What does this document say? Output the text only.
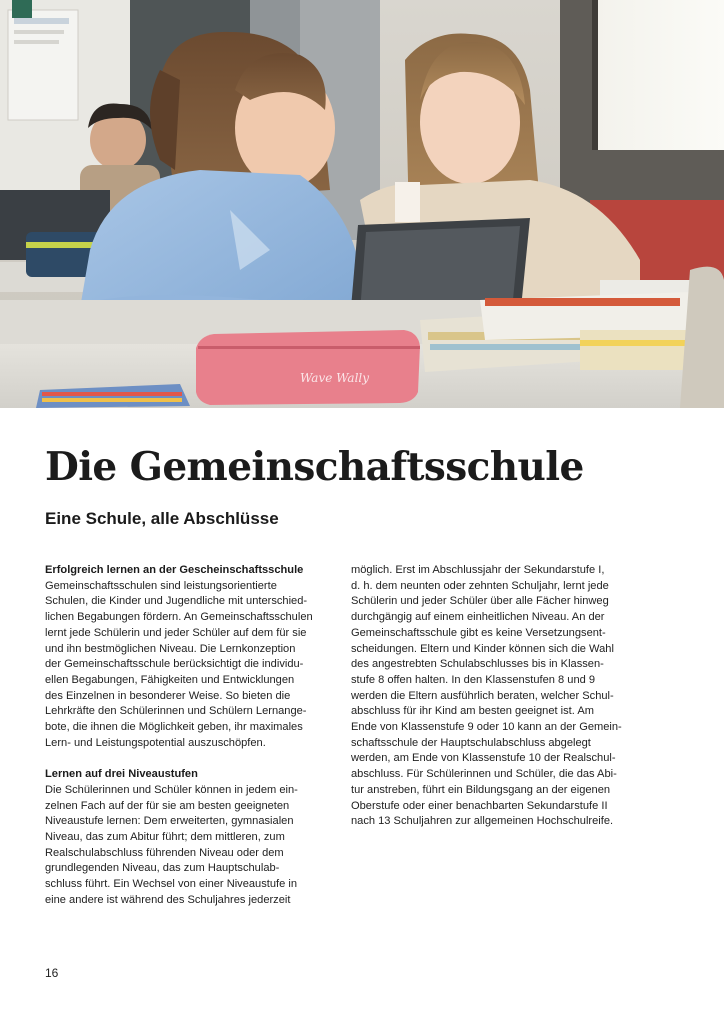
Wave Wally
Die Gemeinschaftsschule
Eine Schule, alle Abschlüsse

Erfolgreich lernen an der Gescheinschaftsschule

Gemeinschaftsschulen sind leistungsorientierte

Schulen, die Kinder und Jugendliche mit unterschied-

lichen Begabungen fördern. An Gemeinschaftsschulen

lernt jede Schülerin und jeder Schüler auf dem für sie

und ihn bestmöglichen Niveau. Die Lernkonzeption

der Gemeinschaftsschule berücksichtigt die individu-

ellen Begabungen, Fähigkeiten und Entwicklungen

des Einzelnen in besonderer Weise. So bieten die

Lehrkräfte den Schülerinnen und Schülern Lernange-

bote, die ihnen die Möglichkeit geben, ihr maximales

Lern- und Leistungspotential auszuschöpfen.

Lernen auf drei Niveaustufen

Die Schülerinnen und Schüler können in jedem ein-

zelnen Fach auf der für sie am besten geeigneten

Niveaustufe lernen: Dem erweiterten, gymnasialen

Niveau, das zum Abitur führt; dem mittleren, zum

Realschulabschluss führenden Niveau oder dem

grundlegenden Niveau, das zum Hauptschulab-

schluss führt. Ein Wechsel von einer Niveaustufe in

eine andere ist während des Schuljahres jederzeit

möglich. Erst im Abschlussjahr der Sekundarstufe I,

d. h. dem neunten oder zehnten Schuljahr, lernt jede

Schülerin und jeder Schüler über alle Fächer hinweg

durchgängig auf einem einheitlichen Niveau. An der

Gemeinschaftsschule gibt es keine Versetzungsent-

scheidungen. Eltern und Kinder können sich die Wahl

des angestrebten Schulabschlusses bis in Klassen-

stufe 8 offen halten. In den Klassenstufen 8 und 9

werden die Eltern ausführlich beraten, welcher Schul-

abschluss für ihr Kind am besten geeignet ist. Am

Ende von Klassenstufe 9 oder 10 kann an der Gemein-

schaftsschule der Hauptschulabschluss abgelegt

werden, am Ende von Klassenstufe 10 der Realschul-

abschluss. Für Schülerinnen und Schüler, die das Abi-

tur anstreben, führt ein Bildungsgang an der eigenen

Oberstufe oder einer benachbarten Sekundarstufe II

nach 13 Schuljahren zur allgemeinen Hochschulreife.

16
